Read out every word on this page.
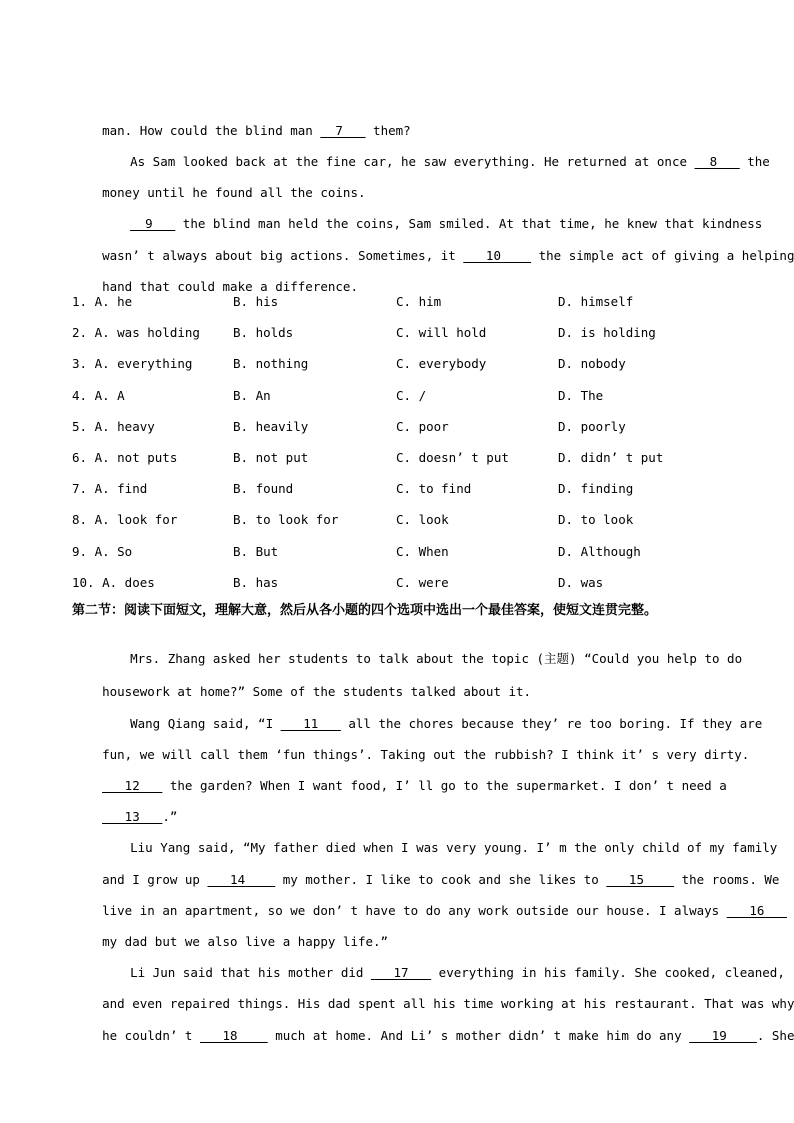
man. How could the blind man __7___ them?

As Sam looked back at the fine car, he saw everything. He returned at once __8___ the

money until he found all the coins.

__9___ the blind man held the coins, Sam smiled. At that time, he knew that kindness

wasn’ t always about big actions. Sometimes, it ___10____ the simple act of giving a helping

hand that could make a difference.

1. A. he	B. his	C. him	D. himself
2. A. was holding	B. holds	C. will hold	D. is holding
3. A. everything	B. nothing	C. everybody	D. nobody
4. A. A	B. An	C. /	D. The
5. A. heavy	B. heavily	C. poor	D. poorly
6. A. not puts	B. not put	C. doesn’ t put	D. didn’ t put
7. A. find	B. found	C. to find	D. finding
8. A. look for	B. to look for	C. look	D. to look
9. A. So	B. But	C. When	D. Although
10. A. does	B. has	C. were	D. was
第二节：阅读下面短文，理解大意，然后从各小题的四个选项中选出一个最佳答案，使短文连贯完整。

Mrs. Zhang asked her students to talk about the topic (主题) “Could you help to do

housework at home?” Some of the students talked about it.

Wang Qiang said, “I ___11___ all the chores because they’ re too boring. If they are

fun, we will call them ‘fun things’. Taking out the rubbish? I think it’ s very dirty.

___12___ the garden? When I want food, I’ ll go to the supermarket. I don’ t need a

___13___.”

Liu Yang said, “My father died when I was very young. I’ m the only child of my family

and I grow up ___14____ my mother. I like to cook and she likes to ___15____ the rooms. We

live in an apartment, so we don’ t have to do any work outside our house. I always ___16___

my dad but we also live a happy life.”

Li Jun said that his mother did ___17___ everything in his family. She cooked, cleaned,

and even repaired things. His dad spent all his time working at his restaurant. That was why

he couldn’ t ___18____ much at home. And Li’ s mother didn’ t make him do any ___19____. She
